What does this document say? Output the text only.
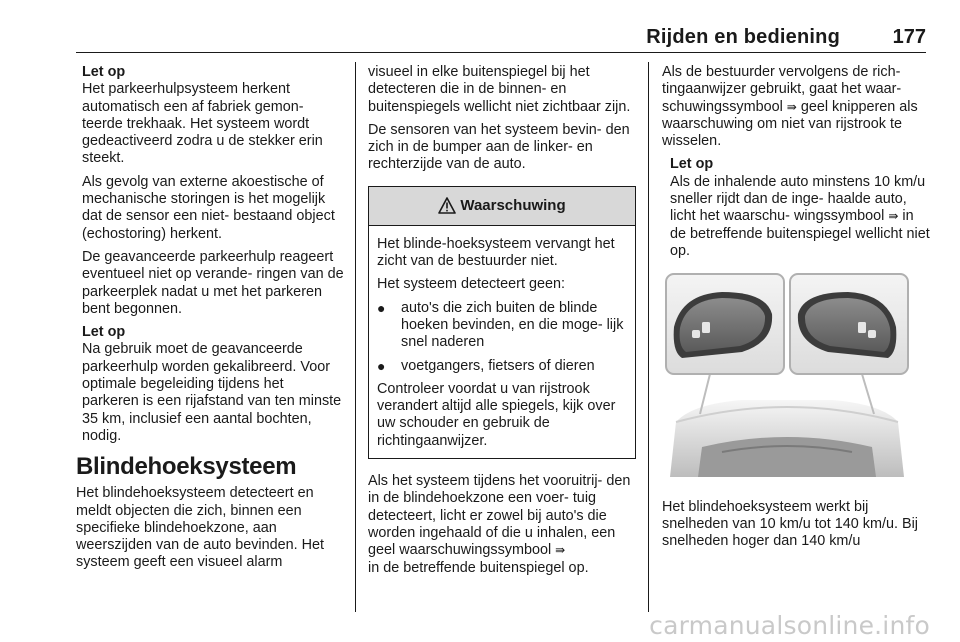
Rijden en bediening	177

Let op

Het parkeerhulpsysteem herkent automatisch een af fabriek gemon- teerde trekhaak. Het systeem wordt gedeactiveerd zodra u de stekker erin steekt.

Als gevolg van externe akoestische of mechanische storingen is het mogelijk dat de sensor een niet- bestaand object (echostoring) herkent.

De geavanceerde parkeerhulp reageert eventueel niet op verande- ringen van de parkeerplek nadat u met het parkeren bent begonnen.

Let op

Na gebruik moet de geavanceerde parkeerhulp worden gekalibreerd. Voor optimale begeleiding tijdens het parkeren is een rijafstand van ten minste 35 km, inclusief een aantal bochten, nodig.

Blindehoeksysteem

Het blindehoeksysteem detecteert en meldt objecten die zich, binnen een specifieke blindehoekzone, aan weerszijden van de auto bevinden. Het systeem geeft een visueel alarm

visueel in elke buitenspiegel bij het detecteren die in de binnen- en buitenspiegels wellicht niet zichtbaar zijn.

De sensoren van het systeem bevin- den zich in de bumper aan de linker- en rechterzijde van de auto.

Waarschuwing

Het blinde-hoeksysteem vervangt het zicht van de bestuurder niet.

Het systeem detecteert geen:

●	auto's die zich buiten de blinde hoeken bevinden, en die moge- lijk snel naderen
●	voetgangers, fietsers of dieren

Controleer voordat u van rijstrook verandert altijd alle spiegels, kijk over uw schouder en gebruik de richtingaanwijzer.

Als het systeem tijdens het vooruitrij- den in de blindehoekzone een voer- tuig detecteert, licht er zowel bij auto's die worden ingehaald of die u inhalen, een geel waarschuwingssymbool ⇛
in de betreffende buitenspiegel op.

Als de bestuurder vervolgens de rich- tingaanwijzer gebruikt, gaat het waar- schuwingssymbool ⇛ geel knipperen als waarschuwing om niet van rijstrook te wisselen.

Let op

Als de inhalende auto minstens 10 km/u sneller rijdt dan de inge- haalde auto, licht het waarschu- wingssymbool ⇛ in de betreffende buitenspiegel wellicht niet op.

Het blindehoeksysteem werkt bij snelheden van 10 km/u tot 140 km/u. Bij snelheden hoger dan 140 km/u

carmanualsonline.info
